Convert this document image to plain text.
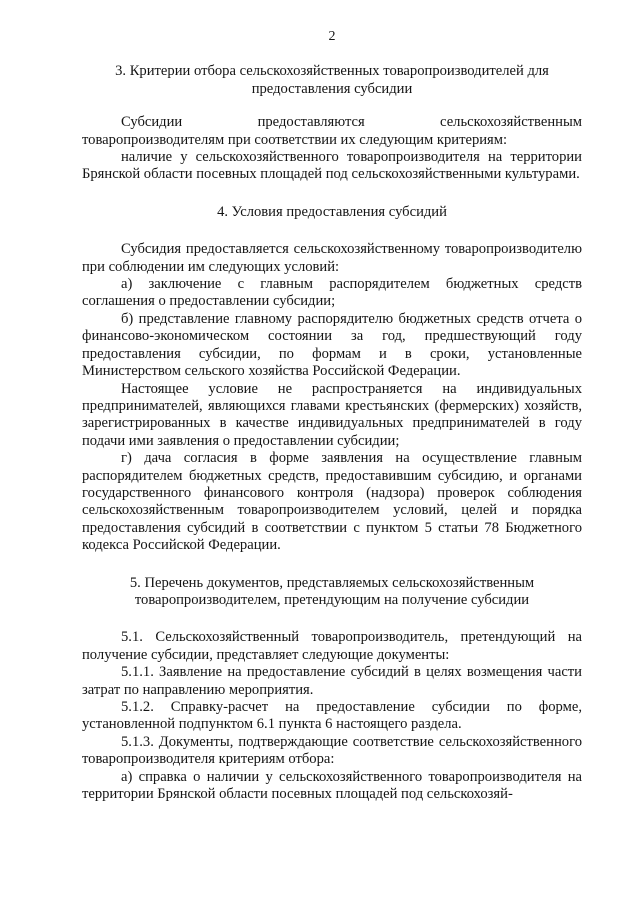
2
3. Критерии отбора сельскохозяйственных товаропроизводителей для предоставления субсидии

Субсидии предоставляются сельскохозяйственным товаропроизводителям при соответствии их следующим критериям:

наличие у сельскохозяйственного товаропроизводителя на территории Брянской области посевных площадей под сельскохозяйственными культурами.

4. Условия предоставления субсидий

Субсидия предоставляется сельскохозяйственному товаропроизводителю при соблюдении им следующих условий:

а) заключение с главным распорядителем бюджетных средств соглашения о предоставлении субсидии;

б) представление главному распорядителю бюджетных средств отчета о финансово-экономическом состоянии за год, предшествующий году предоставления субсидии, по формам и в сроки, установленные Министерством сельского хозяйства Российской Федерации.

Настоящее условие не распространяется на индивидуальных предпринимателей, являющихся главами крестьянских (фермерских) хозяйств, зарегистрированных в качестве индивидуальных предпринимателей в году подачи ими заявления о предоставлении субсидии;

г) дача согласия в форме заявления на осуществление главным распорядителем бюджетных средств, предоставившим субсидию, и органами государственного финансового контроля (надзора) проверок соблюдения сельскохозяйственным товаропроизводителем условий, целей и порядка предоставления субсидий в соответствии с пунктом 5 статьи 78 Бюджетного кодекса Российской Федерации.

5. Перечень документов, представляемых сельскохозяйственным товаропроизводителем, претендующим на получение субсидии

5.1. Сельскохозяйственный товаропроизводитель, претендующий на получение субсидии, представляет следующие документы:

5.1.1. Заявление на предоставление субсидий в целях возмещения части затрат по направлению мероприятия.

5.1.2. Справку-расчет на предоставление субсидии по форме, установленной подпунктом 6.1 пункта 6 настоящего раздела.

5.1.3. Документы, подтверждающие соответствие сельскохозяйственного товаропроизводителя критериям отбора:

а) справка о наличии у сельскохозяйственного товаропроизводителя на территории Брянской области посевных площадей под сельскохозяй-
